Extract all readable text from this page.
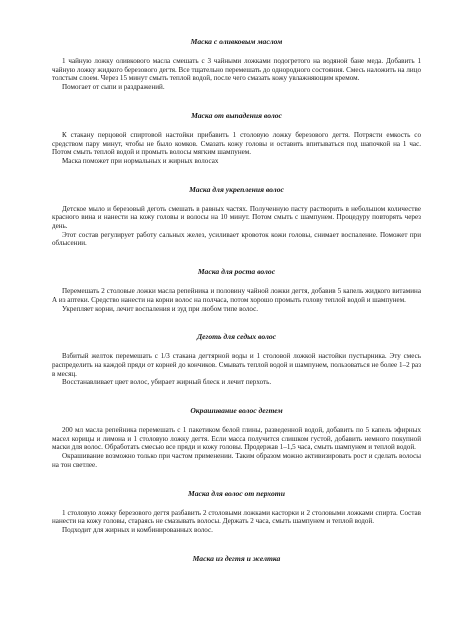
Маска с оливковым маслом

1 чайную ложку оливкового масла смешать с 3 чайными ложками подогретого на водяной бане меда. Добавить 1 чайную ложку жидкого березового дегтя. Все тщательно перемешать до однородного состояния. Смесь наложить на лицо толстым слоем. Через 15 минут смыть теплой водой, после чего смазать кожу увлажняющим кремом.

Помогает от сыпи и раздражений.

Маска от выпадения волос

К стакану перцовой спиртовой настойки прибавить 1 столовую ложку березового дегтя. Потрясти емкость со средством пару минут, чтобы не было комков. Смазать кожу головы и оставить впитываться под шапочкой на 1 час. Потом смыть теплой водой и промыть волосы мягким шампунем.

Маска поможет при нормальных и жирных волосах

Маска для укрепления волос

Детское мыло и березовый деготь смешать в равных частях. Полученную пасту растворить в небольшом количестве красного вина и нанести на кожу головы и волосы на 10 минут. Потом смыть с шампунем. Процедуру повторять через день.

Этот состав регулирует работу сальных желез, усиливает кровоток кожи головы, снимает воспаление. Поможет при облысении.

Маска для роста волос

Перемешать 2 столовые ложки масла репейника и половину чайной ложки дегтя, добавив 5 капель жидкого витамина А из аптеки. Средство нанести на корни волос на полчаса, потом хорошо промыть голову теплой водой и шампунем.

Укрепляет корни, лечит воспаления и зуд при любом типе волос.

Деготь для седых волос

Взбитый желток перемешать с 1/3 стакана дегтярной воды и 1 столовой ложкой настойки пустырника. Эту смесь распределить на каждой пряди от корней до кончиков. Смывать теплой водой и шампунем, пользоваться не более 1–2 раз в месяц.

Восстанавливает цвет волос, убирает жирный блеск и лечит перхоть.

Окрашивание волос дегтем

200 мл масла репейника перемешать с 1 пакетиком белой глины, разведенной водой, добавить по 5 капель эфирных масел корицы и лимона и 1 столовую ложку дегтя. Если масса получится слишком густой, добавить немного покупной маски для волос. Обработать смесью все пряди и кожу головы. Продержав 1–1,5 часа, смыть шампунем и теплой водой.

Окрашивание возможно только при частом применении. Таким образом можно активизировать рост и сделать волосы на тон светлее.

Маска для волос от перхоти

1 столовую ложку березового дегтя разбавить 2 столовыми ложками касторки и 2 столовыми ложками спирта. Состав нанести на кожу головы, стараясь не смазывать волосы. Держать 2 часа, смыть шампунем и теплой водой.

Подходит для жирных и комбинированных волос.

Маска из дегтя и желтка
